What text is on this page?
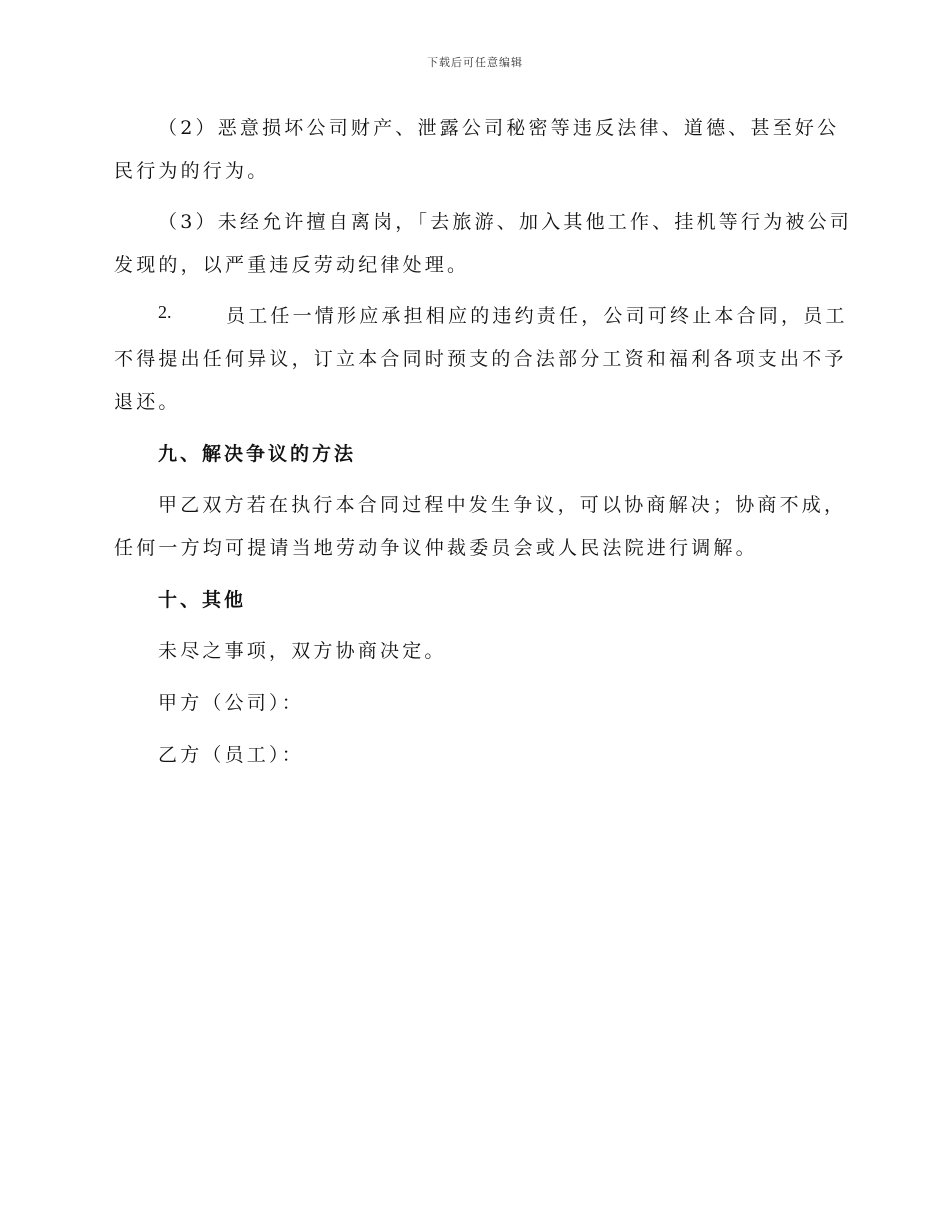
下载后可任意编辑
（2）恶意损坏公司财产、泄露公司秘密等违反法律、道德、甚至好公
民行为的行为。
（3）未经允许擅自离岗，「去旅游、加入其他工作、挂机等行为被公司
发现的，以严重违反劳动纪律处理。
2.	员工任一情形应承担相应的违约责任，公司可终止本合同，员工
不得提出任何异议，订立本合同时预支的合法部分工资和福利各项支出不予
退还。
九、解决争议的方法
甲乙双方若在执行本合同过程中发生争议，可以协商解决；协商不成，
任何一方均可提请当地劳动争议仲裁委员会或人民法院进行调解。
十、其他
未尽之事项，双方协商决定。
甲方（公司）：
乙方（员工）：
